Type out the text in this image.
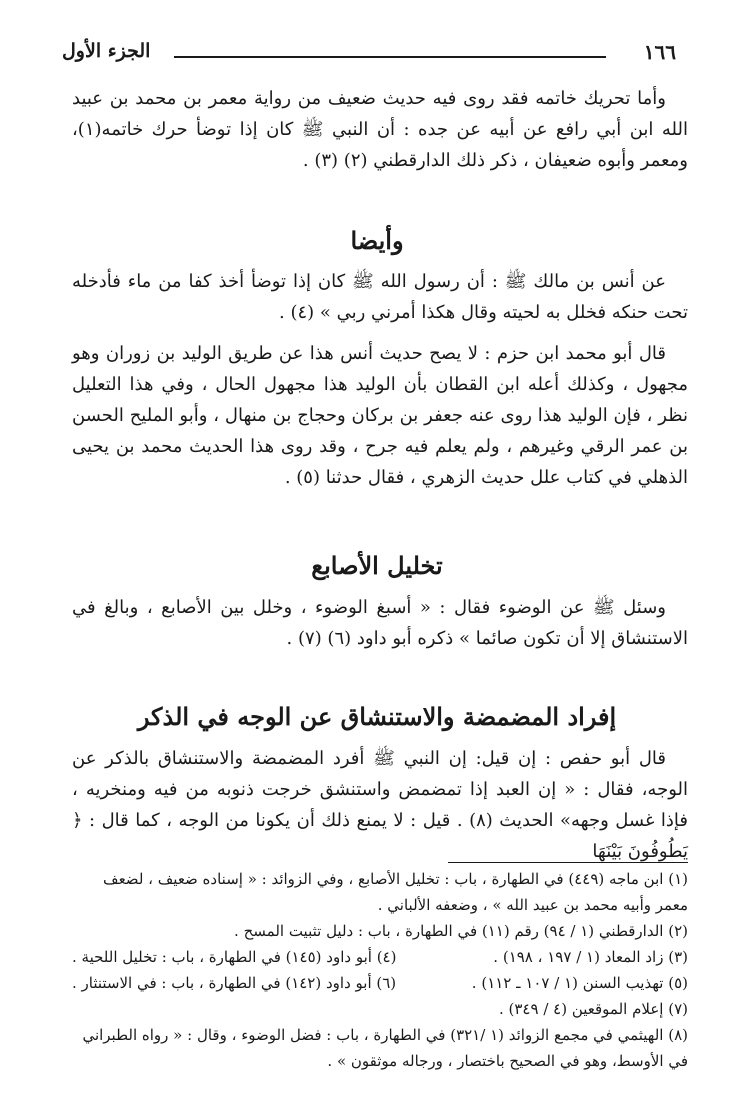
١٦٦
الجزء الأول

وأما تحريك خاتمه فقد روى فيه حديث ضعيف من رواية معمر بن محمد بن عبيد الله ابن أبي رافع عن أبيه عن جده : أن النبي ﷺ كان إذا توضأ حرك خاتمه(١)، ومعمر وأبوه ضعيفان ، ذكر ذلك الدارقطني (٢) (٣) .

وأيضا

عن أنس بن مالك ﷺ : أن رسول الله ﷺ كان إذا توضأ أخذ كفا من ماء فأدخله تحت حنكه فخلل به لحيته وقال هكذا أمرني ربي » (٤) .

قال أبو محمد ابن حزم : لا يصح حديث أنس هذا عن طريق الوليد بن زوران وهو مجهول ، وكذلك أعله ابن القطان بأن الوليد هذا مجهول الحال ، وفي هذا التعليل نظر ، فإن الوليد هذا روى عنه جعفر بن بركان وحجاج بن منهال ، وأبو المليح الحسن بن عمر الرقي وغيرهم ، ولم يعلم فيه جرح ، وقد روى هذا الحديث محمد بن يحيى الذهلي في كتاب علل حديث الزهري ، فقال حدثنا (٥) .

تخليل الأصابع

وسئل ﷺ عن الوضوء فقال : « أسبغ الوضوء ، وخلل بين الأصابع ، وبالغ في الاستنشاق إلا أن تكون صائما » ذكره أبو داود (٦) (٧) .

إفراد المضمضة والاستنشاق عن الوجه في الذكر

قال أبو حفص : إن قيل: إن النبي ﷺ أفرد المضمضة والاستنشاق بالذكر عن الوجه، فقال : « إن العبد إذا تمضمض واستنشق خرجت ذنوبه من فيه ومنخريه ، فإذا غسل وجهه» الحديث (٨) . قيل : لا يمنع ذلك أن يكونا من الوجه ، كما قال : ﴿ يَطُوفُونَ بَيْنَهَا

(١) ابن ماجه (٤٤٩) في الطهارة ، باب : تخليل الأصابع ، وفي الزوائد : « إسناده ضعيف ، لضعف معمر وأبيه محمد بن عبيد الله » ، وضعفه الألباني .

(٢) الدارقطني (١ / ٩٤) رقم (١١) في الطهارة ، باب : دليل تثبيت المسح .

(٣) زاد المعاد (١ / ١٩٧ ، ١٩٨) .

(٤) أبو داود (١٤٥) في الطهارة ، باب : تخليل اللحية .

(٥) تهذيب السنن (١ / ١٠٧ ـ ١١٢) .

(٦) أبو داود (١٤٢) في الطهارة ، باب : في الاستنثار .

(٧) إعلام الموقعين (٤ / ٣٤٩) .

(٨) الهيثمي في مجمع الزوائد (١ /٣٢١) في الطهارة ، باب : فضل الوضوء ، وقال : « رواه الطبراني في الأوسط، وهو في الصحيح باختصار ، ورجاله موثقون » .
